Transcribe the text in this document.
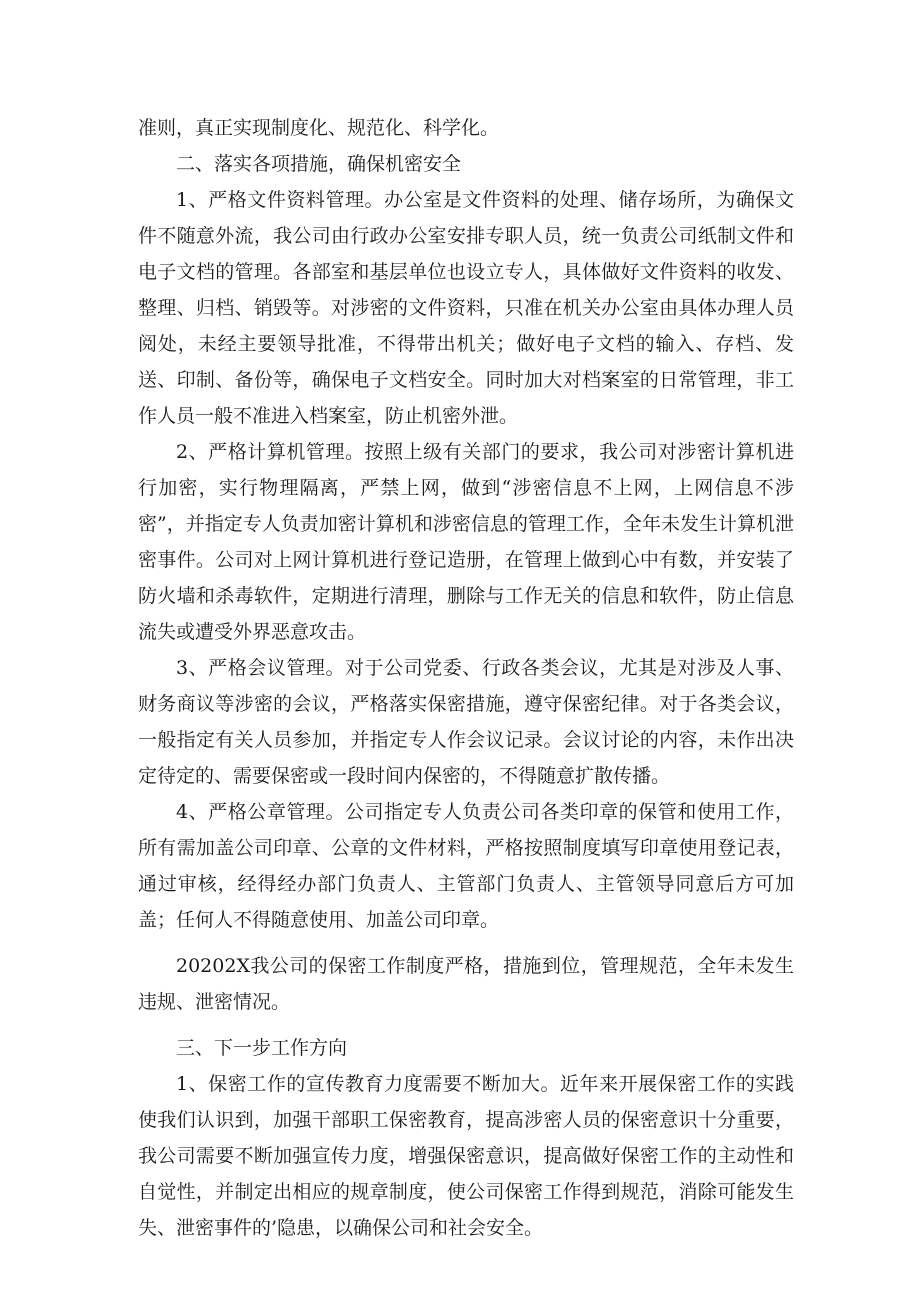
准则，真正实现制度化、规范化、科学化。

二、落实各项措施，确保机密安全

1、严格文件资料管理。办公室是文件资料的处理、储存场所，为确保文件不随意外流，我公司由行政办公室安排专职人员，统一负责公司纸制文件和电子文档的管理。各部室和基层单位也设立专人，具体做好文件资料的收发、整理、归档、销毁等。对涉密的文件资料，只准在机关办公室由具体办理人员阅处，未经主要领导批准，不得带出机关；做好电子文档的输入、存档、发送、印制、备份等，确保电子文档安全。同时加大对档案室的日常管理，非工作人员一般不准进入档案室，防止机密外泄。

2、严格计算机管理。按照上级有关部门的要求，我公司对涉密计算机进行加密，实行物理隔离，严禁上网，做到“涉密信息不上网，上网信息不涉密”，并指定专人负责加密计算机和涉密信息的管理工作，全年未发生计算机泄密事件。公司对上网计算机进行登记造册，在管理上做到心中有数，并安装了防火墙和杀毒软件，定期进行清理，删除与工作无关的信息和软件，防止信息流失或遭受外界恶意攻击。

3、严格会议管理。对于公司党委、行政各类会议，尤其是对涉及人事、财务商议等涉密的会议，严格落实保密措施，遵守保密纪律。对于各类会议，一般指定有关人员参加，并指定专人作会议记录。会议讨论的内容，未作出决定待定的、需要保密或一段时间内保密的，不得随意扩散传播。

4、严格公章管理。公司指定专人负责公司各类印章的保管和使用工作，所有需加盖公司印章、公章的文件材料，严格按照制度填写印章使用登记表，通过审核，经得经办部门负责人、主管部门负责人、主管领导同意后方可加盖；任何人不得随意使用、加盖公司印章。

20202X我公司的保密工作制度严格，措施到位，管理规范，全年未发生违规、泄密情况。

三、下一步工作方向

1、保密工作的宣传教育力度需要不断加大。近年来开展保密工作的实践使我们认识到，加强干部职工保密教育，提高涉密人员的保密意识十分重要，我公司需要不断加强宣传力度，增强保密意识，提高做好保密工作的主动性和自觉性，并制定出相应的规章制度，使公司保密工作得到规范，消除可能发生失、泄密事件的’隐患，以确保公司和社会安全。
